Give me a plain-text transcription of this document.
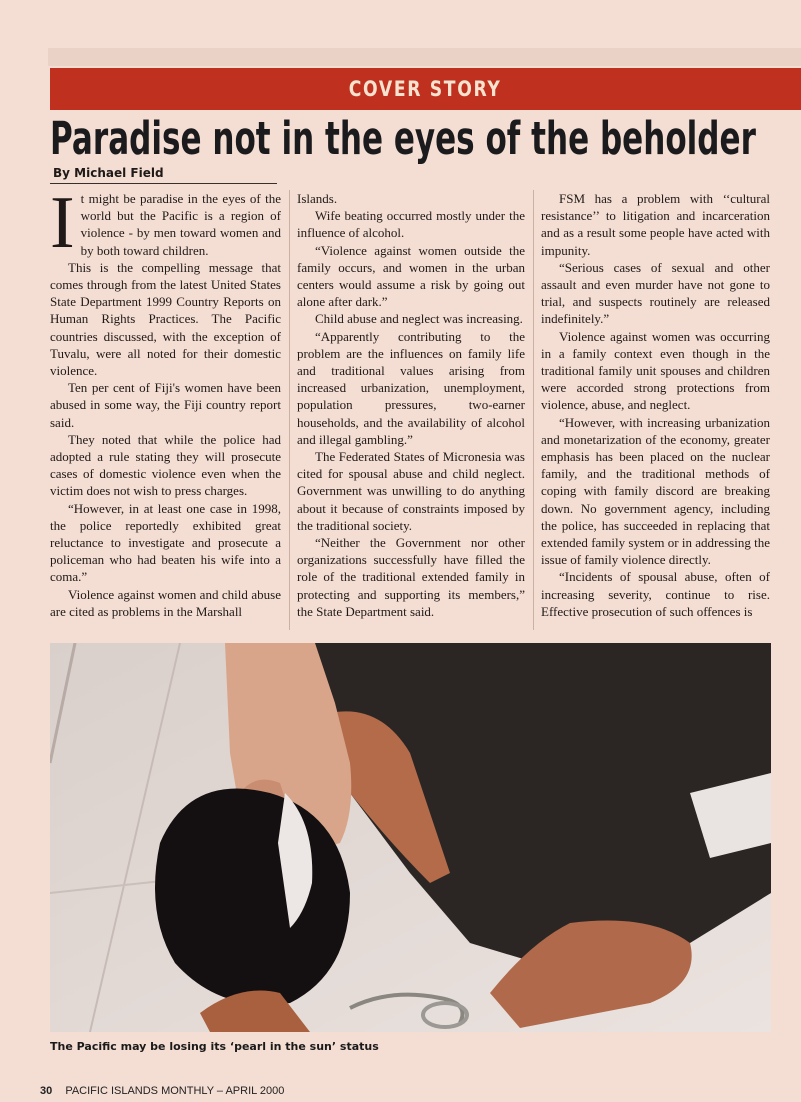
COVER STORY
Paradise not in the eyes of the beholder
By Michael Field
I t might be paradise in the eyes of the world but the Pacific is a region of violence - by men toward women and by both toward children.

This is the compelling message that comes through from the latest United States State Department 1999 Country Reports on Human Rights Practices. The Pacific countries discussed, with the exception of Tuvalu, were all noted for their domestic violence.

Ten per cent of Fiji's women have been abused in some way, the Fiji country report said.

They noted that while the police had adopted a rule stating they will prosecute cases of domestic violence even when the victim does not wish to press charges.

“However, in at least one case in 1998, the police reportedly exhibited great reluctance to investigate and prosecute a policeman who had beaten his wife into a coma.”

Violence against women and child abuse are cited as problems in the Marshall

Islands.

Wife beating occurred mostly under the influence of alcohol.

“Violence against women outside the family occurs, and women in the urban centers would assume a risk by going out alone after dark.”

Child abuse and neglect was increasing.

“Apparently contributing to the problem are the influences on family life and traditional values arising from increased urbanization, unemployment, population pressures, two-earner households, and the availability of alcohol and illegal gambling.”

The Federated States of Micronesia was cited for spousal abuse and child neglect. Government was unwilling to do anything about it because of constraints imposed by the traditional society.

“Neither the Government nor other organizations successfully have filled the role of the traditional extended family in protecting and supporting its members,” the State Department said.

FSM has a problem with ‘‘cultural resistance’’ to litigation and incarceration and as a result some people have acted with impunity.

“Serious cases of sexual and other assault and even murder have not gone to trial, and suspects routinely are released indefinitely.”

Violence against women was occurring in a family context even though in the traditional family unit spouses and children were accorded strong protections from violence, abuse, and neglect.

“However, with increasing urbanization and monetarization of the economy, greater emphasis has been placed on the nuclear family, and the traditional methods of coping with family discord are breaking down. No government agency, including the police, has succeeded in replacing that extended family system or in addressing the issue of family violence directly.

“Incidents of spousal abuse, often of increasing severity, continue to rise. Effective prosecution of such offences is

The Pacific may be losing its ‘pearl in the sun’ status
30 PACIFIC ISLANDS MONTHLY – APRIL 2000
